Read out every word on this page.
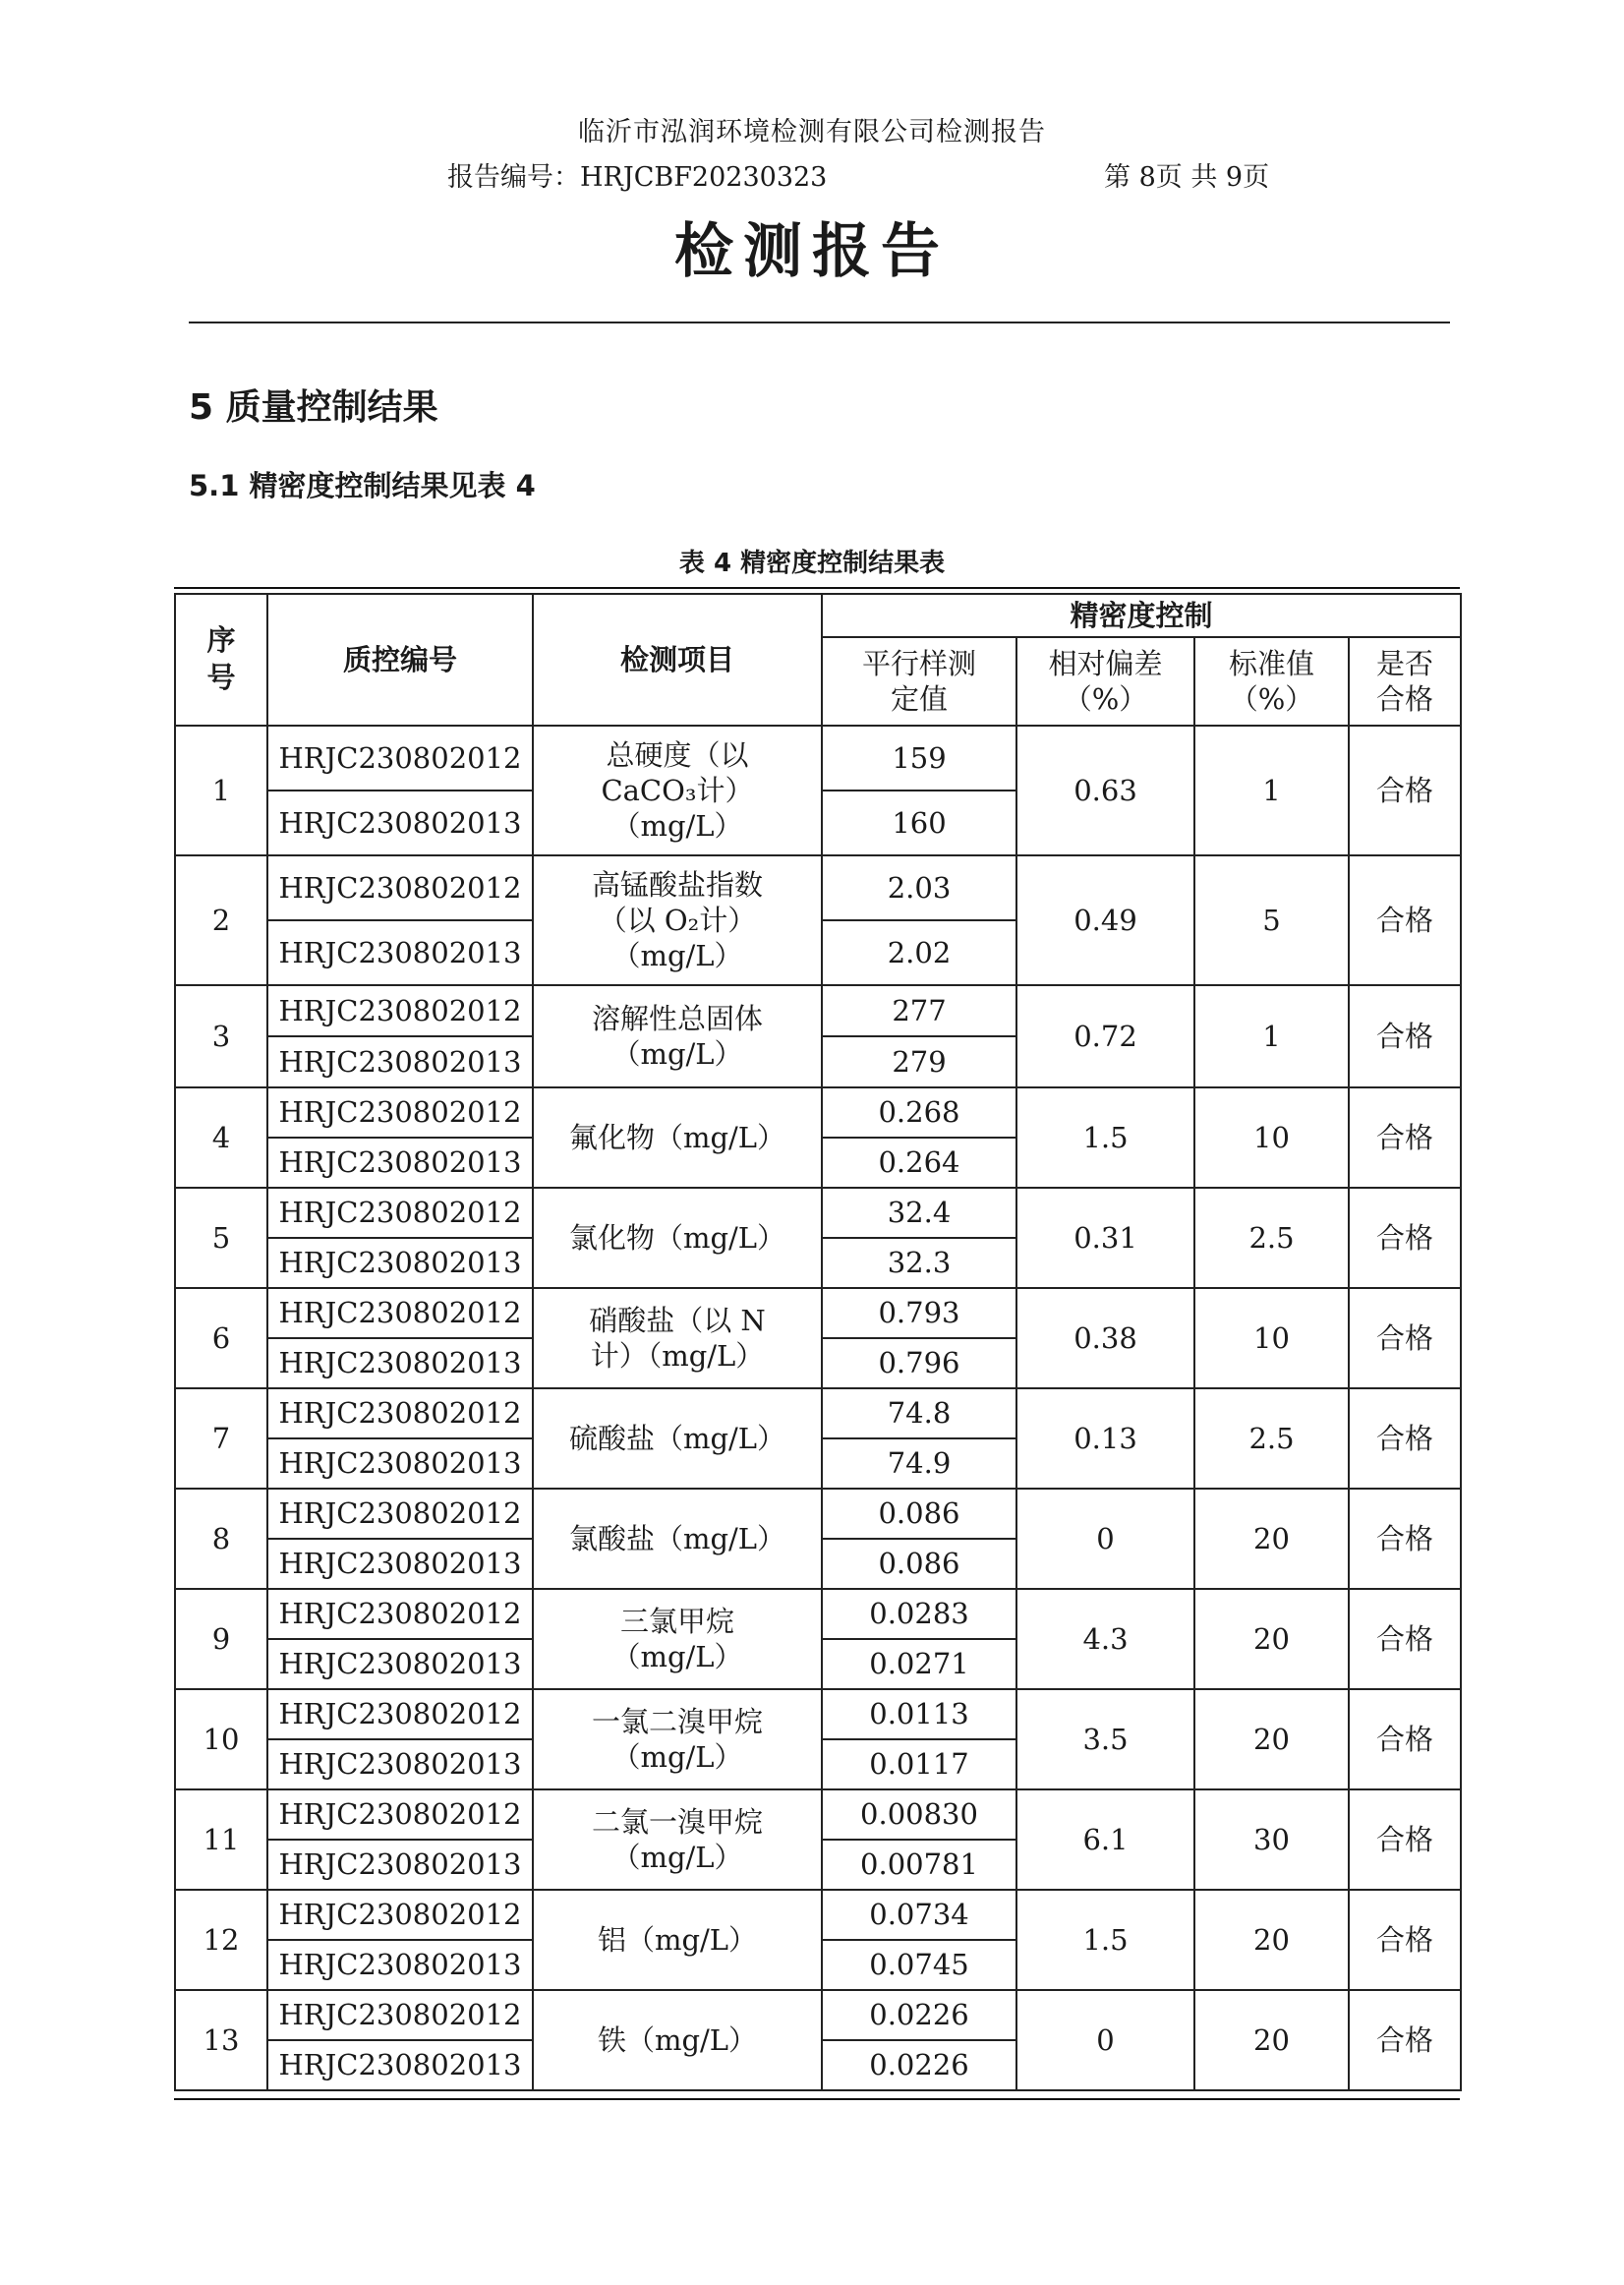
临沂市泓润环境检测有限公司检测报告
报告编号：HRJCBF20230323	第 8页 共 9页
检测报告
5 质量控制结果
5.1 精密度控制结果见表 4
表 4 精密度控制结果表
序号	质控编号	检测项目	精密度控制			
			平行样测定值	相对偏差（%）	标准值（%）	是否合格
1	HRJC230802012	总硬度（以
CaCO₃计）
（mg/L）	159	0.63	1	合格
	HRJC230802013		160			
2	HRJC230802012	高锰酸盐指数
（以 O₂计）
（mg/L）	2.03	0.49	5	合格
	HRJC230802013		2.02			
3	HRJC230802012	溶解性总固体
（mg/L）	277	0.72	1	合格
	HRJC230802013		279			
4	HRJC230802012	氟化物（mg/L）	0.268	1.5	10	合格
	HRJC230802013		0.264			
5	HRJC230802012	氯化物（mg/L）	32.4	0.31	2.5	合格
	HRJC230802013		32.3			
6	HRJC230802012	硝酸盐（以 N
计）（mg/L）	0.793	0.38	10	合格
	HRJC230802013		0.796			
7	HRJC230802012	硫酸盐（mg/L）	74.8	0.13	2.5	合格
	HRJC230802013		74.9			
8	HRJC230802012	氯酸盐（mg/L）	0.086	0	20	合格
	HRJC230802013		0.086			
9	HRJC230802012	三氯甲烷
（mg/L）	0.0283	4.3	20	合格
	HRJC230802013		0.0271			
10	HRJC230802012	一氯二溴甲烷
（mg/L）	0.0113	3.5	20	合格
	HRJC230802013		0.0117			
11	HRJC230802012	二氯一溴甲烷
（mg/L）	0.00830	6.1	30	合格
	HRJC230802013		0.00781			
12	HRJC230802012	铝（mg/L）	0.0734	1.5	20	合格
	HRJC230802013		0.0745			
13	HRJC230802012	铁（mg/L）	0.0226	0	20	合格
	HRJC230802013		0.0226			
